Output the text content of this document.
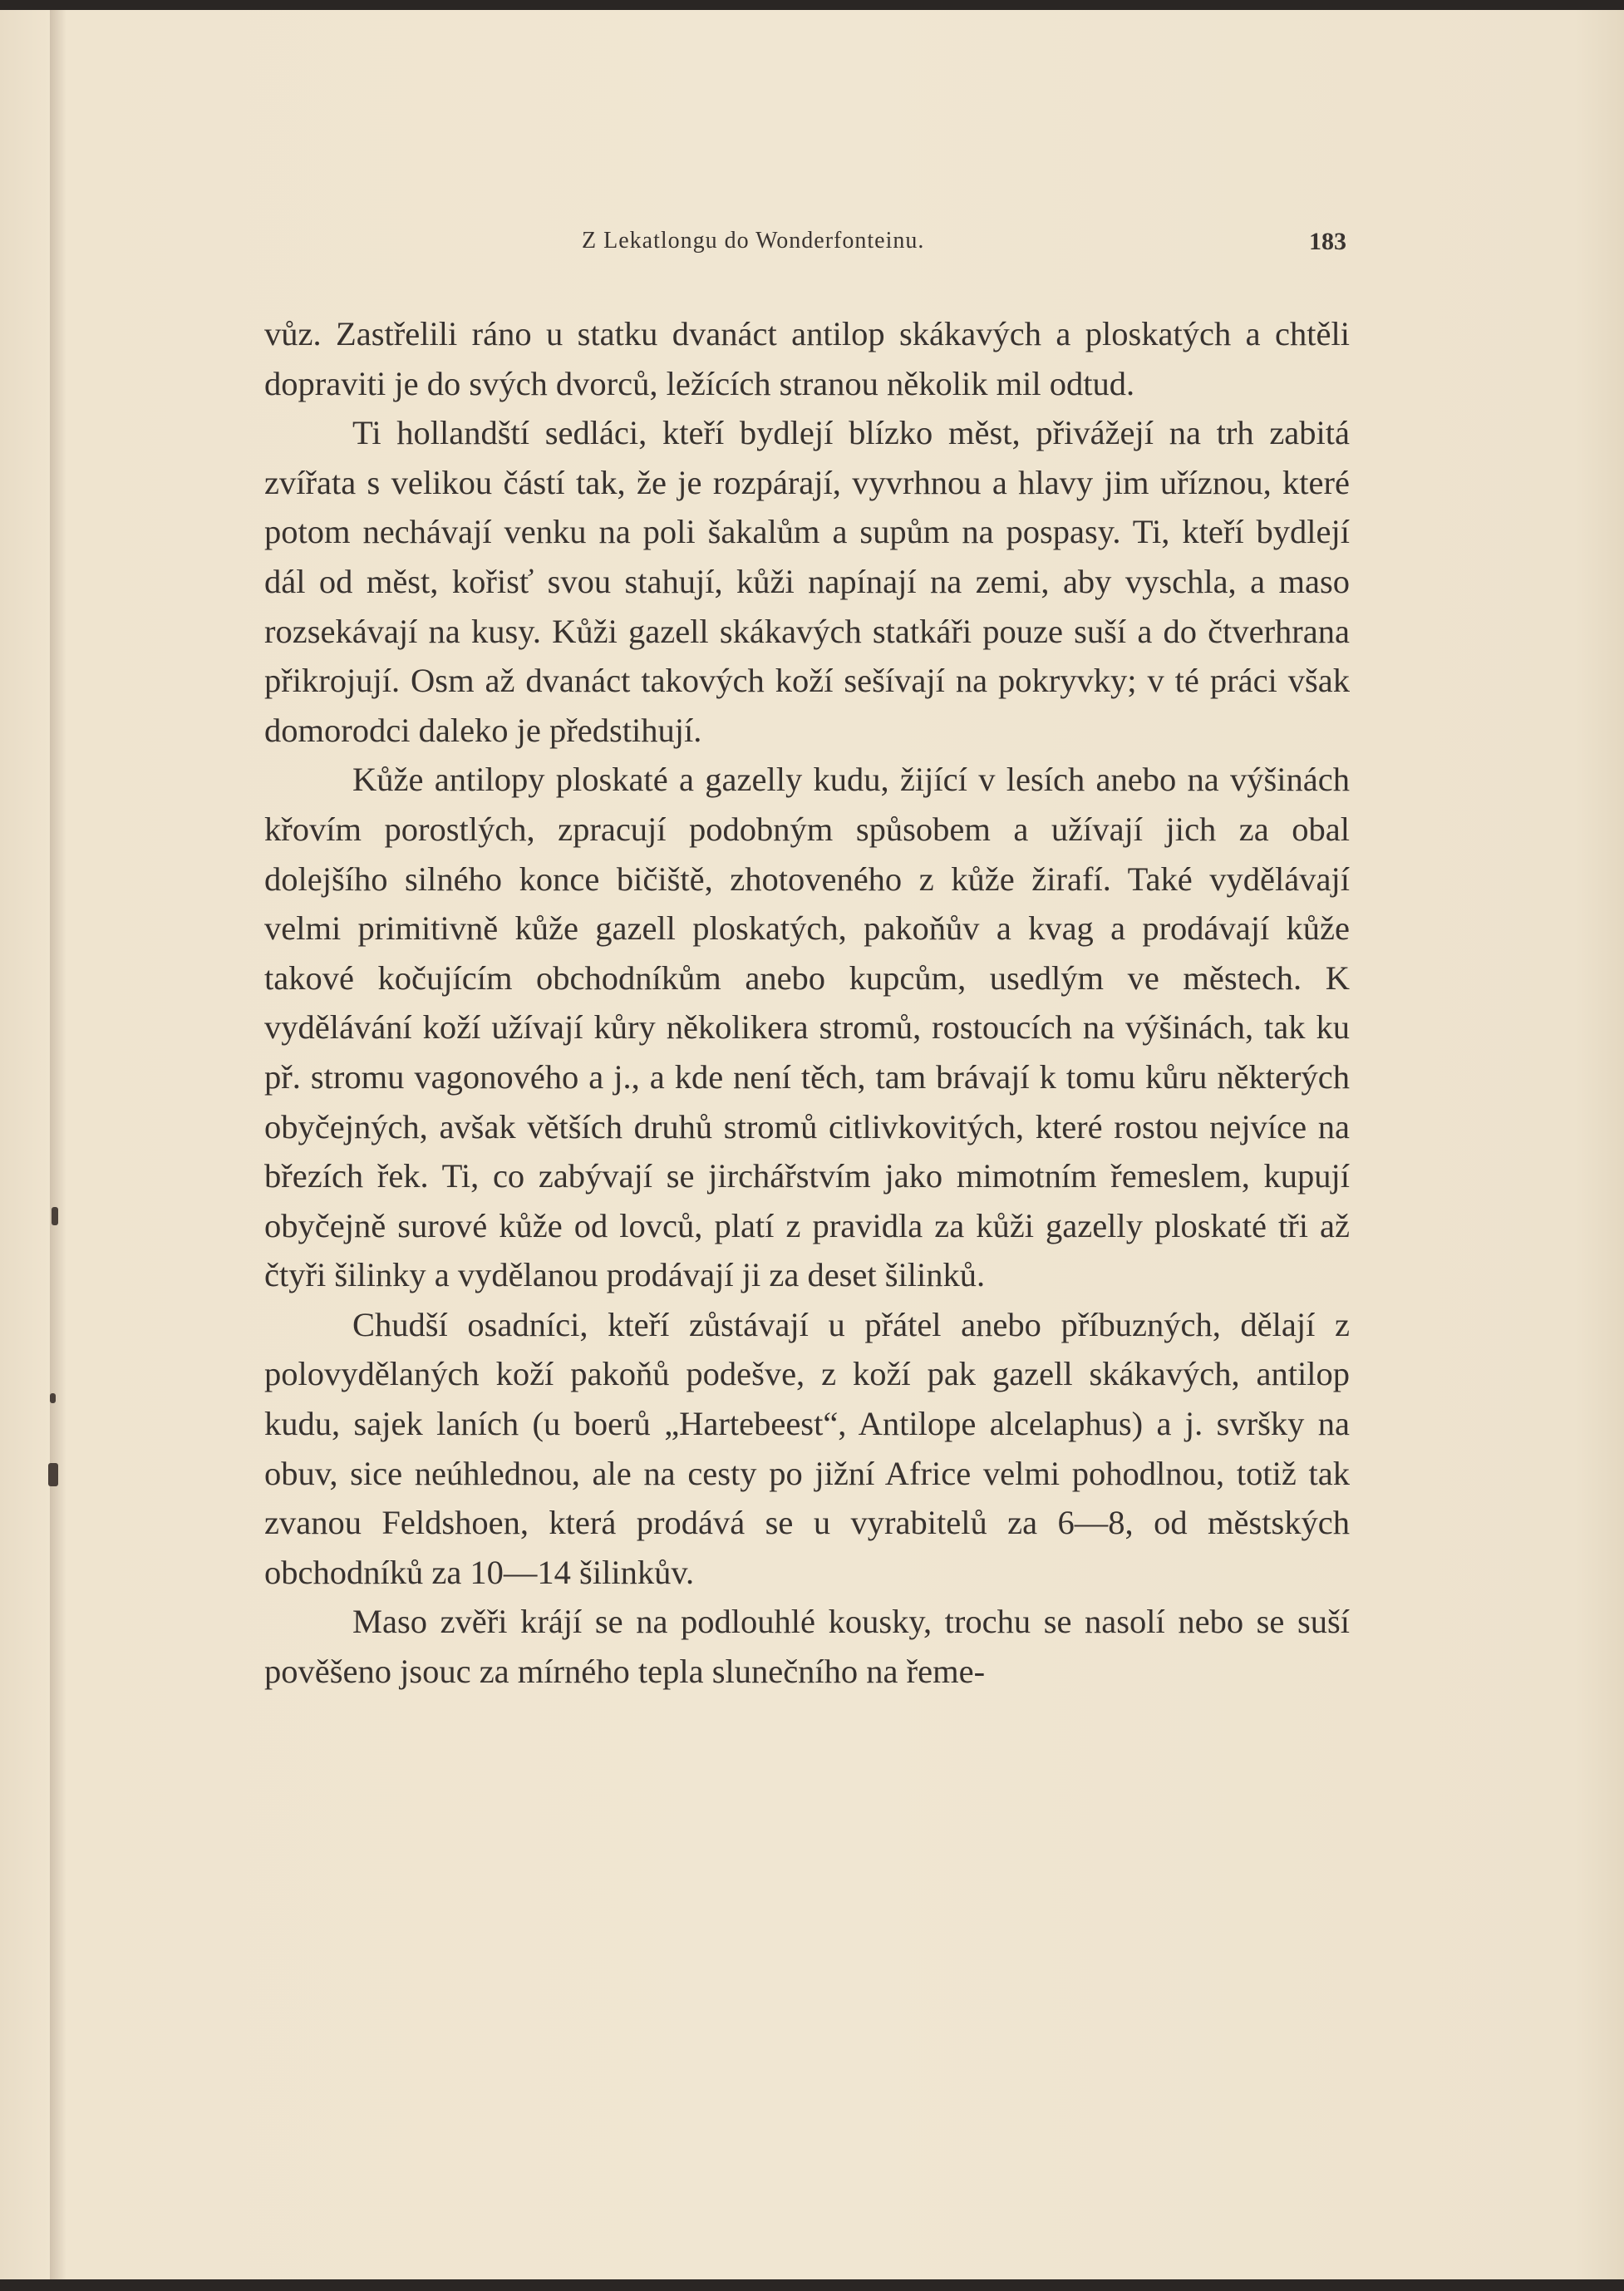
Z Lekatlongu do Wonderfonteinu.	183

vůz. Zastřelili ráno u statku dvanáct antilop skákavých a ploskatých a chtěli dopraviti je do svých dvorců, ležících stranou několik mil odtud.

Ti hollandští sedláci, kteří bydlejí blízko měst, přivážejí na trh zabitá zvířata s velikou částí tak, že je rozpárají, vyvrhnou a hlavy jim uříznou, které potom nechávají venku na poli šakalům a supům na pospasy. Ti, kteří bydlejí dál od měst, kořisť svou stahují, kůži napínají na zemi, aby vyschla, a maso rozsekávají na kusy. Kůži gazell skákavých statkáři pouze suší a do čtverhrana přikrojují. Osm až dvanáct takových koží sešívají na pokryvky; v té práci však domorodci daleko je předstihují.

Kůže antilopy ploskaté a gazelly kudu, žijící v lesích anebo na výšinách křovím porostlých, zpracují podobným spůsobem a užívají jich za obal dolejšího silného konce bičiště, zhotoveného z kůže žirafí. Také vydělávají velmi primitivně kůže gazell ploskatých, pakoňův a kvag a prodávají kůže takové kočujícím obchodníkům anebo kupcům, usedlým ve městech. K vydělávání koží užívají kůry několikera stromů, rostoucích na výšinách, tak ku př. stromu vagonového a j., a kde není těch, tam brávají k tomu kůru některých obyčejných, avšak větších druhů stromů citlivkovitých, které rostou nejvíce na březích řek. Ti, co zabývají se jirchářstvím jako mimotním řemeslem, kupují obyčejně surové kůže od lovců, platí z pravidla za kůži gazelly ploskaté tři až čtyři šilinky a vydělanou prodávají ji za deset šilinků.

Chudší osadníci, kteří zůstávají u přátel anebo příbuzných, dělají z polovydělaných koží pakoňů podešve, z koží pak gazell skákavých, antilop kudu, sajek laních (u boerů „Hartebeest“, Antilope alcelaphus) a j. svršky na obuv, sice neúhlednou, ale na cesty po jižní Africe velmi pohodlnou, totiž tak zvanou Feldshoen, která prodává se u vyrabitelů za 6—8, od městských obchodníků za 10—14 šilinkův.

Maso zvěři krájí se na podlouhlé kousky, trochu se nasolí nebo se suší pověšeno jsouc za mírného tepla slunečního na řeme-
